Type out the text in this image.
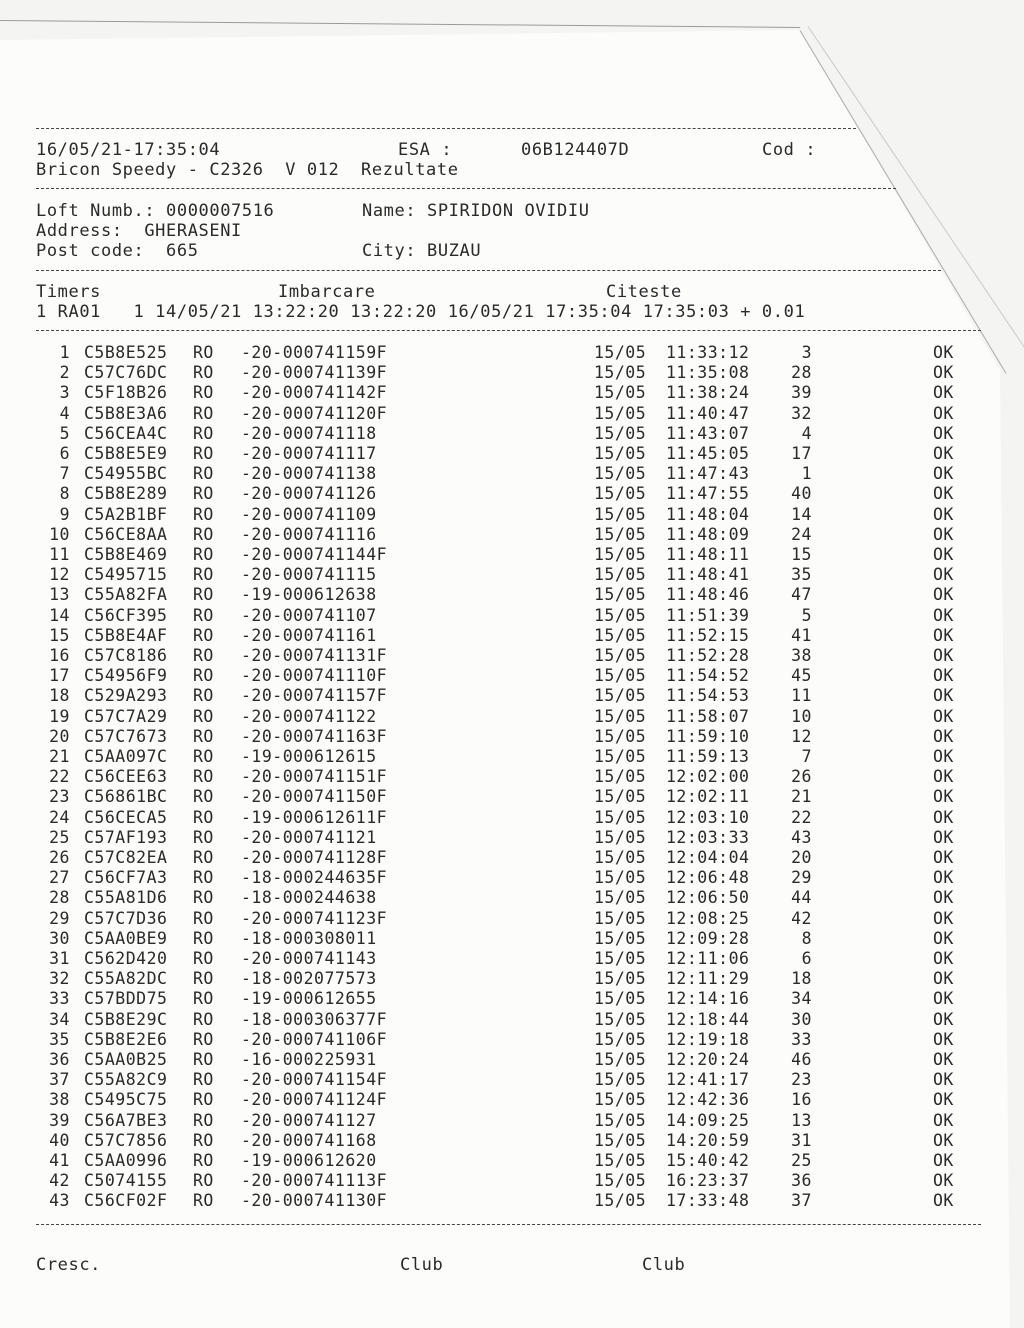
16/05/21-17:35:04	ESA :	06B124407D	Cod :
Bricon Speedy - C2326  V 012  Rezultate
Loft Numb.: 0000007516	Name: SPIRIDON OVIDIU
Address:  GHERASENI
Post code:  665	City: BUZAU
Timers	Imbarcare	Citeste
1 RA01   1 14/05/21 13:22:20 13:22:20 16/05/21 17:35:04 17:35:03 + 0.01
1 C5B8E525 RO -20-000741159F	15/05 11:33:12	3	OK
2 C57C76DC RO -20-000741139F	15/05 11:35:08	28	OK
3 C5F18B26 RO -20-000741142F	15/05 11:38:24	39	OK
4 C5B8E3A6 RO -20-000741120F	15/05 11:40:47	32	OK
5 C56CEA4C RO -20-000741118	15/05 11:43:07	4	OK
6 C5B8E5E9 RO -20-000741117	15/05 11:45:05	17	OK
7 C54955BC RO -20-000741138	15/05 11:47:43	1	OK
8 C5B8E289 RO -20-000741126	15/05 11:47:55	40	OK
9 C5A2B1BF RO -20-000741109	15/05 11:48:04	14	OK
10 C56CE8AA RO -20-000741116	15/05 11:48:09	24	OK
11 C5B8E469 RO -20-000741144F	15/05 11:48:11	15	OK
12 C5495715 RO -20-000741115	15/05 11:48:41	35	OK
13 C55A82FA RO -19-000612638	15/05 11:48:46	47	OK
14 C56CF395 RO -20-000741107	15/05 11:51:39	5	OK
15 C5B8E4AF RO -20-000741161	15/05 11:52:15	41	OK
16 C57C8186 RO -20-000741131F	15/05 11:52:28	38	OK
17 C54956F9 RO -20-000741110F	15/05 11:54:52	45	OK
18 C529A293 RO -20-000741157F	15/05 11:54:53	11	OK
19 C57C7A29 RO -20-000741122	15/05 11:58:07	10	OK
20 C57C7673 RO -20-000741163F	15/05 11:59:10	12	OK
21 C5AA097C RO -19-000612615	15/05 11:59:13	7	OK
22 C56CEE63 RO -20-000741151F	15/05 12:02:00	26	OK
23 C56861BC RO -20-000741150F	15/05 12:02:11	21	OK
24 C56CECA5 RO -19-000612611F	15/05 12:03:10	22	OK
25 C57AF193 RO -20-000741121	15/05 12:03:33	43	OK
26 C57C82EA RO -20-000741128F	15/05 12:04:04	20	OK
27 C56CF7A3 RO -18-000244635F	15/05 12:06:48	29	OK
28 C55A81D6 RO -18-000244638	15/05 12:06:50	44	OK
29 C57C7D36 RO -20-000741123F	15/05 12:08:25	42	OK
30 C5AA0BE9 RO -18-000308011	15/05 12:09:28	8	OK
31 C562D420 RO -20-000741143	15/05 12:11:06	6	OK
32 C55A82DC RO -18-002077573	15/05 12:11:29	18	OK
33 C57BDD75 RO -19-000612655	15/05 12:14:16	34	OK
34 C5B8E29C RO -18-000306377F	15/05 12:18:44	30	OK
35 C5B8E2E6 RO -20-000741106F	15/05 12:19:18	33	OK
36 C5AA0B25 RO -16-000225931	15/05 12:20:24	46	OK
37 C55A82C9 RO -20-000741154F	15/05 12:41:17	23	OK
38 C5495C75 RO -20-000741124F	15/05 12:42:36	16	OK
39 C56A7BE3 RO -20-000741127	15/05 14:09:25	13	OK
40 C57C7856 RO -20-000741168	15/05 14:20:59	31	OK
41 C5AA0996 RO -19-000612620	15/05 15:40:42	25	OK
42 C5074155 RO -20-000741113F	15/05 16:23:37	36	OK
43 C56CF02F RO -20-000741130F	15/05 17:33:48	37	OK
Cresc.	Club	Club
